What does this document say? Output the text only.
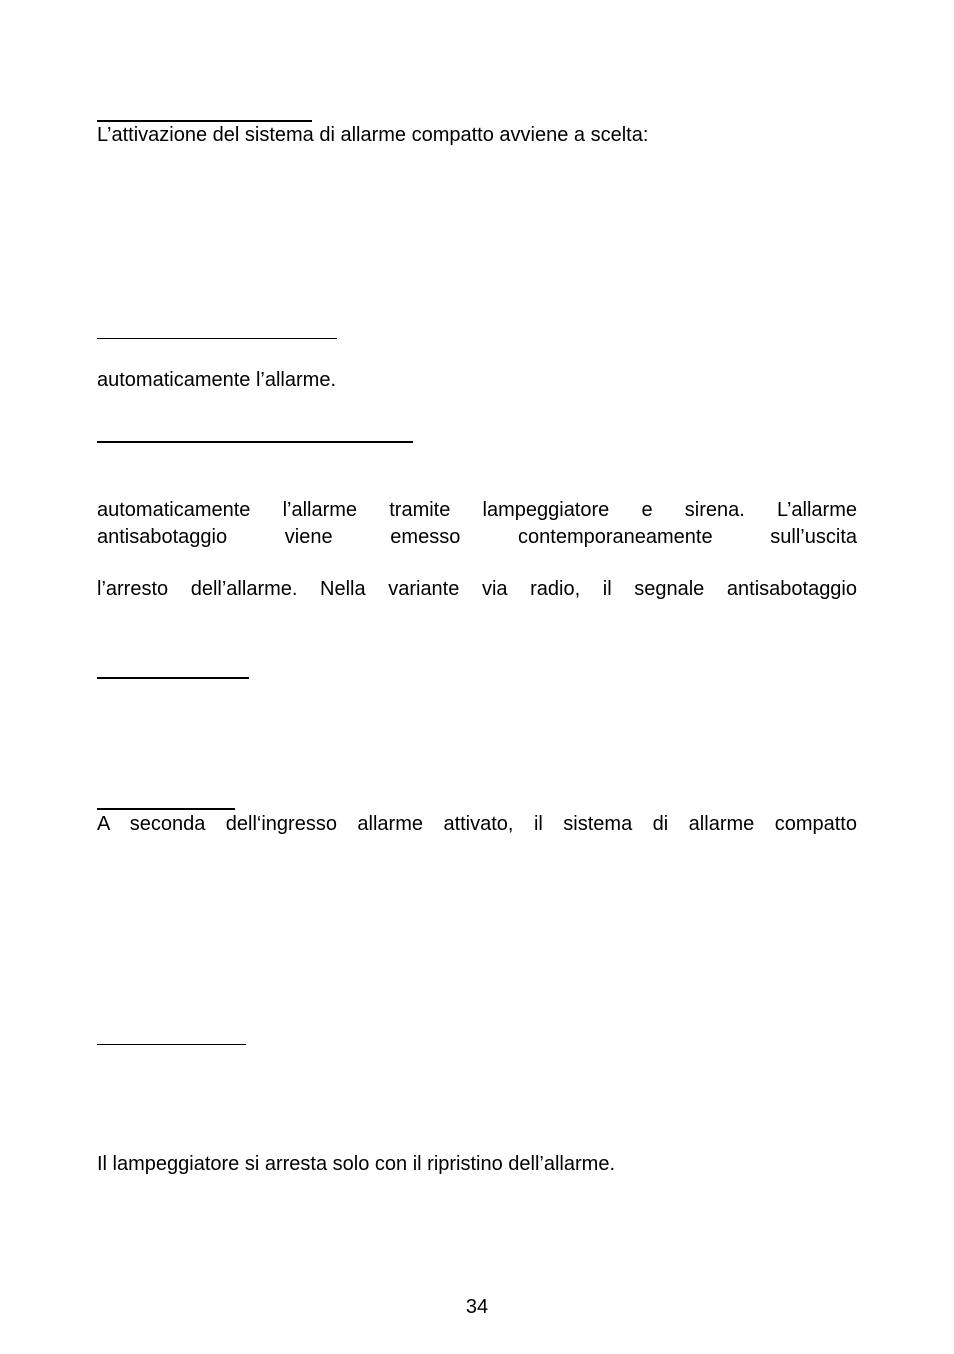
L’attivazione del sistema di allarme compatto avviene a scelta:
automaticamente l’allarme.
automaticamente l’allarme tramite lampeggiatore e sirena. L’allarme
antisabotaggio viene emesso contemporaneamente sull’uscita
l’arresto dell’allarme. Nella variante via radio, il segnale antisabotaggio
A seconda dell‘ingresso allarme attivato, il sistema di allarme compatto
Il lampeggiatore si arresta solo con il ripristino dell’allarme.
34
